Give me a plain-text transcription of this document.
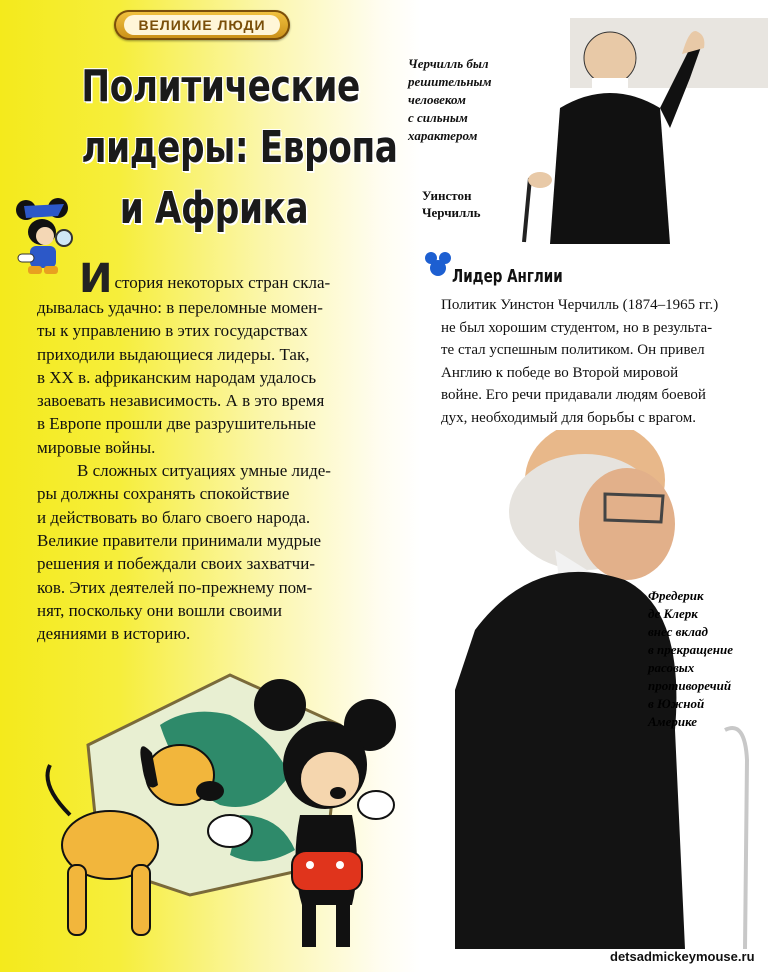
ВЕЛИКИЕ ЛЮДИ
Политические
лидеры: Европа
и Африка

История некоторых стран скла-

дывалась удачно: в переломные момен-

ты к управлению в этих государствах

приходили выдающиеся лидеры. Так,

в XX в. африканским народам удалось

завоевать независимость. А в это время

в Европе прошли две разрушительные

мировые войны.

В сложных ситуациях умные лиде-

ры должны сохранять спокойствие

и действовать во благо своего народа.

Великие правители принимали мудрые

решения и побеждали своих захватчи-

ков. Этих деятелей по-прежнему пом-

нят, поскольку они вошли своими

деяниями в историю.

Черчилль был
решительным
человеком
с сильным
характером
Уинстон
Черчилль
Лидер Англии
Политик Уинстон Черчилль (1874–1965 гг.)
не был хорошим студентом, но в результа-
те стал успешным политиком. Он привел
Англию к победе во Второй мировой
войне. Его речи придавали людям боевой
дух, необходимый для борьбы с врагом.
Фредерик
де Клерк
внес вклад
в прекращение
расовых
противоречий
в Южной
Америке
detsadmickeymouse.ru
